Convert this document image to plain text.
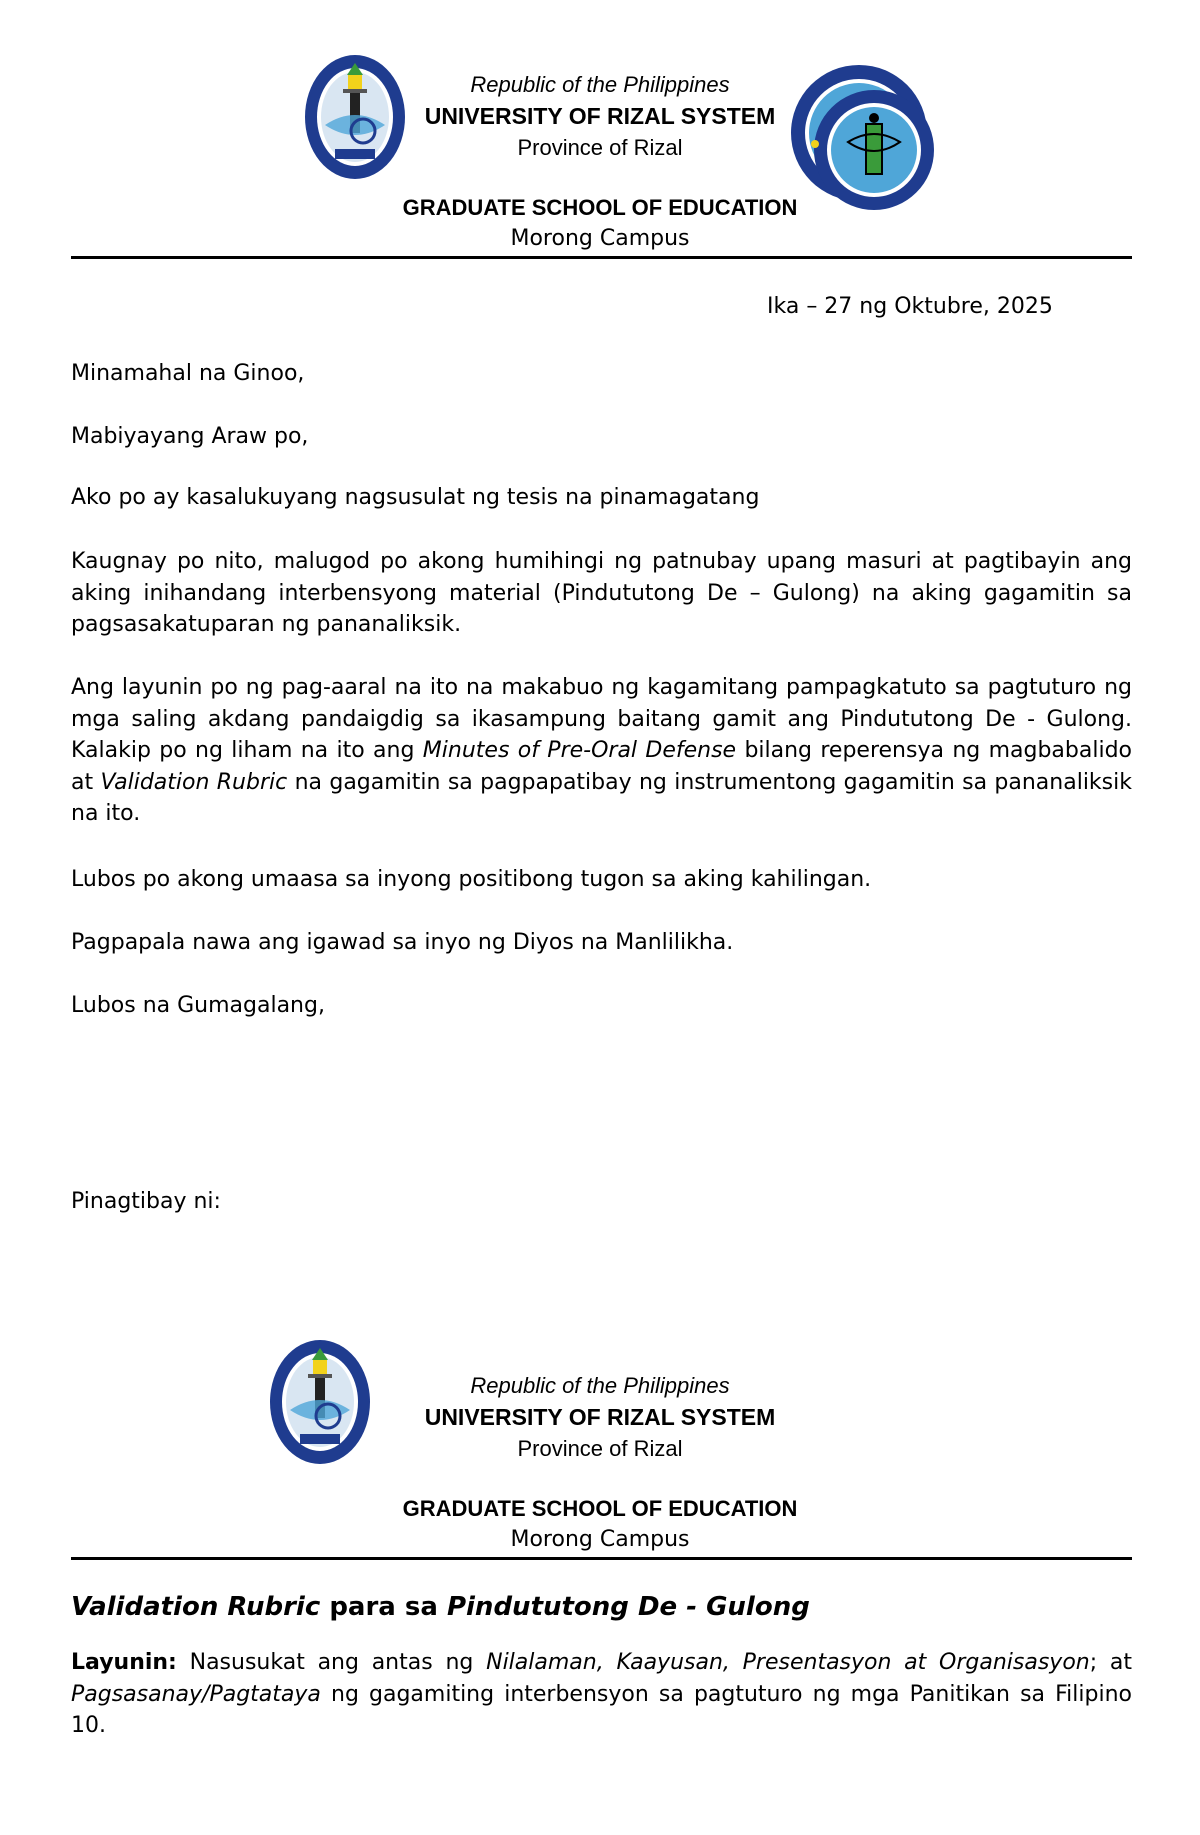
Republic of the Philippines
UNIVERSITY OF RIZAL SYSTEM
Province of Rizal
GRADUATE SCHOOL OF EDUCATION
Morong Campus
Ika – 27 ng Oktubre, 2025
Minamahal na Ginoo,
Mabiyayang Araw po,
Ako po ay kasalukuyang nagsusulat ng tesis na pinamagatang
Kaugnay po nito, malugod po akong humihingi ng patnubay upang masuri at pagtibayin ang aking inihandang interbensyong material (Pindututong De – Gulong) na aking gagamitin sa pagsasakatuparan ng pananaliksik.
Ang layunin po ng pag-aaral na ito na makabuo ng kagamitang pampagkatuto sa pagtuturo ng mga saling akdang pandaigdig sa ikasampung baitang gamit ang Pindututong De - Gulong. Kalakip po ng liham na ito ang Minutes of Pre-Oral Defense bilang reperensya ng magbabalido at Validation Rubric na gagamitin sa pagpapatibay ng instrumentong gagamitin sa pananaliksik na ito.
Lubos po akong umaasa sa inyong positibong tugon sa aking kahilingan.
Pagpapala nawa ang igawad sa inyo ng Diyos na Manlilikha.
Lubos na Gumagalang,
Pinagtibay ni:
Republic of the Philippines
UNIVERSITY OF RIZAL SYSTEM
Province of Rizal
GRADUATE SCHOOL OF EDUCATION
Morong Campus
Validation Rubric para sa Pindututong De - Gulong
Layunin: Nasusukat ang antas ng Nilalaman, Kaayusan, Presentasyon at Organisasyon; at Pagsasanay/Pagtataya ng gagamiting interbensyon sa pagtuturo ng mga Panitikan sa Filipino 10.
